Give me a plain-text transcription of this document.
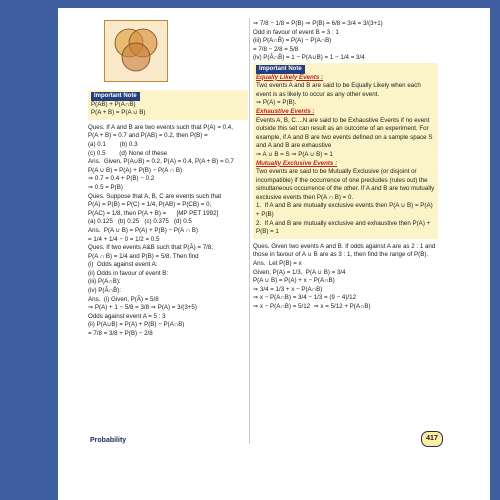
Important Note
P(AB) + P(A∩B̄)
P(A + B) = P(A ∪ B)
Ques. If A and B are two events such that P(A) = 0.4,
P(A + B) = 0.7 and P(AB) = 0.2, then P(B) =
(a) 0.1        (b) 0.3
(c) 0.5        (d) None of these
Ans.  Given, P(A∪B) = 0.2, P(A) = 0.4, P(A + B) = 0.7
P(A ∪ B) = P(A) + P(B) − P(A ∩ B)
⇒ 0.7 = 0.4 + P(B) − 0.2
⇒ 0.5 = P(B)
Ques. Suppose that A, B, C are events such that
P(A) = P(B) = P(C) = 1/4, P(AB) = P(CB) = 0,
P(AC) = 1/8, then P(A + B) =      [MP PET 1992]
(a) 0.125   (b) 0.25   (c) 0.375   (d) 0.5
Ans.  P(A ∪ B) = P(A) + P(B) − P(A ∩ B)
= 1/4 + 1/4 − 0 = 1/2 = 0.5
Ques. If two events A&B such that P(Ā) = 7/8,
P(A ∩ B) = 1/4 and P(B) = 5/8. Then find
(i)  Odds against event A:
(ii) Odds in favour of event B:
(iii) P(A∩B):
(iv) P(Ā∩B̄):
Ans.  (i) Given, P(Ā) = 5/8
⇒ P(A) + 1 − 5/8 = 3/8 ⇒ P(A) = 3/(3+5)
Odds against event A = 5 : 3
(ii) P(A∪B) = P(A) + P(B) − P(A∩B)
= 7/8 = 3/8 + P(B) − 2/8
⇒ 7/8 − 1/8 = P(B) ⇒ P(B) = 6/8 = 3/4 = 3/(3+1)
Odd in favour of event B = 3 : 1
(iii) P(A∩B̄) = P(A) − P(A∩B)
= 7/8 − 2/8 = 5/8
(iv) P(Ā∩B̄) = 1 − P(A∪B) = 1 − 1/4 = 3/4
Important Note
Equally Likely Events :
Two events A and B are said to be Equally Likely when each event is as likely to occur as any other event.
⇒ P(A) = P(B).
Exhaustive Events :
Events A, B, C....N are said to be Exhaustive Events if no event outside this set can result as an outcome of an experiment. For example, if A and B are two events defined on a sample space S and A and B are exhaustive
⇒ A ∪ B = S ⇒ P(A ∪ B) = 1
Mutually Exclusive Events :
Two events are said to be Mutually Exclusive (or disjoint or incompatible) if the occurrence of one precludes (rules out) the simultaneous occurrence of the other. If A and B are two mutually exclusive events then P(A ∩ B) = 0.
1.  If A and B are mutually exclusive events then P(A ∪ B) = P(A) + P(B)
2.  If A and B are mutually exclusive and exhaustive then P(A) + P(B) = 1
Ques. Given two events A and B. If odds against A are as 2 : 1 and those in favour of A ∪ B are as 3 : 1, then find the range of P(B).
Ans.  Let P(B) = x
Given, P(A) = 1/3,  P(A ∪ B) = 3/4
P(A ∪ B) = P(A) + x − P(A∩B)
⇒ 3/4 = 1/3 + x − P(A∩B)
⇒ x − P(A∩B) = 3/4 − 1/3 = (9 − 4)/12
⇒ x − P(A∩B) = 5/12  ⇒ x = 5/12 + P(A∩B)
Probability	417
